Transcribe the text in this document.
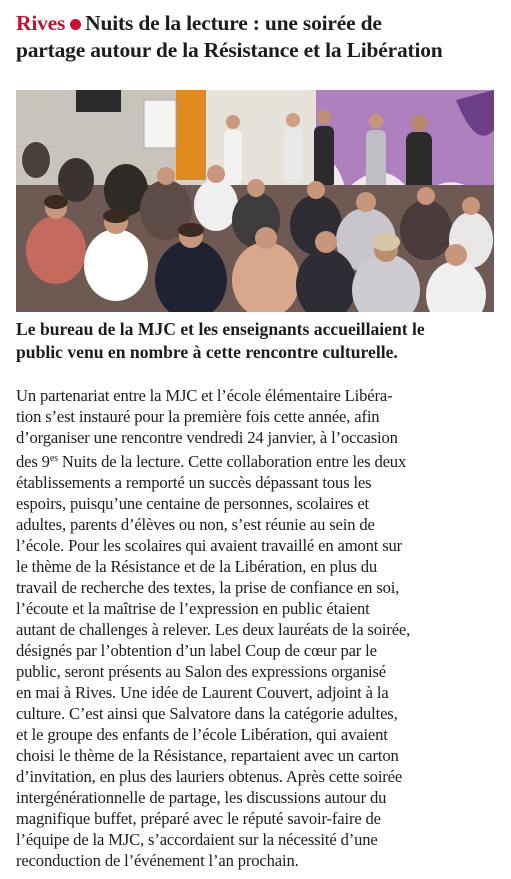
Rives Nuits de la lecture : une soirée de
partage autour de la Résistance et la Libération

Le bureau de la MJC et les enseignants accueillaient le
public venu en nombre à cette rencontre culturelle.

Un partenariat entre la MJC et l’école élémentaire Libéra-
tion s’est instauré pour la première fois cette année, afin
d’organiser une rencontre vendredi 24 janvier, à l’occasion
des $9^{es}$ Nuits de la lecture. Cette collaboration entre les deux
établissements a remporté un succès dépassant tous les
espoirs, puisqu’une centaine de personnes, scolaires et
adultes, parents d’élèves ou non, s’est réunie au sein de
l’école. Pour les scolaires qui avaient travaillé en amont sur
le thème de la Résistance et de la Libération, en plus du
travail de recherche des textes, la prise de confiance en soi,
l’écoute et la maîtrise de l’expression en public étaient
autant de challenges à relever. Les deux lauréats de la soirée,
désignés par l’obtention d’un label Coup de cœur par le
public, seront présents au Salon des expressions organisé
en mai à Rives. Une idée de Laurent Couvert, adjoint à la
culture. C’est ainsi que Salvatore dans la catégorie adultes,
et le groupe des enfants de l’école Libération, qui avaient
choisi le thème de la Résistance, repartaient avec un carton
d’invitation, en plus des lauriers obtenus. Après cette soirée
intergénérationnelle de partage, les discussions autour du
magnifique buffet, préparé avec le réputé savoir-faire de
l’équipe de la MJC, s’accordaient sur la nécessité d’une
reconduction de l’événement l’an prochain.
